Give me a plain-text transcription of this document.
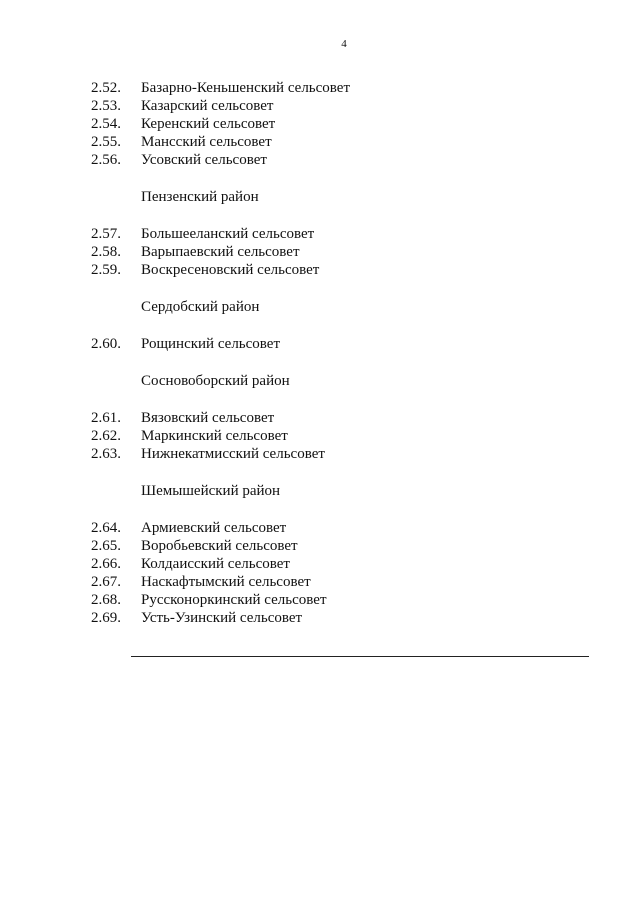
4
2.52.	Базарно-Кеньшенский сельсовет
2.53.	Казарский сельсовет
2.54.	Керенский сельсовет
2.55.	Мансский сельсовет
2.56.	Усовский сельсовет
Пензенский район
2.57.	Большееланский сельсовет
2.58.	Варыпаевский сельсовет
2.59.	Воскресеновский сельсовет
Сердобский район
2.60.	Рощинский сельсовет
Сосновоборский район
2.61.	Вязовский сельсовет
2.62.	Маркинский сельсовет
2.63.	Нижнекатмисский сельсовет
Шемышейский район
2.64.	Армиевский сельсовет
2.65.	Воробьевский сельсовет
2.66.	Колдаисский сельсовет
2.67.	Наскафтымский сельсовет
2.68.	Руссконоркинский сельсовет
2.69.	Усть-Узинский сельсовет
